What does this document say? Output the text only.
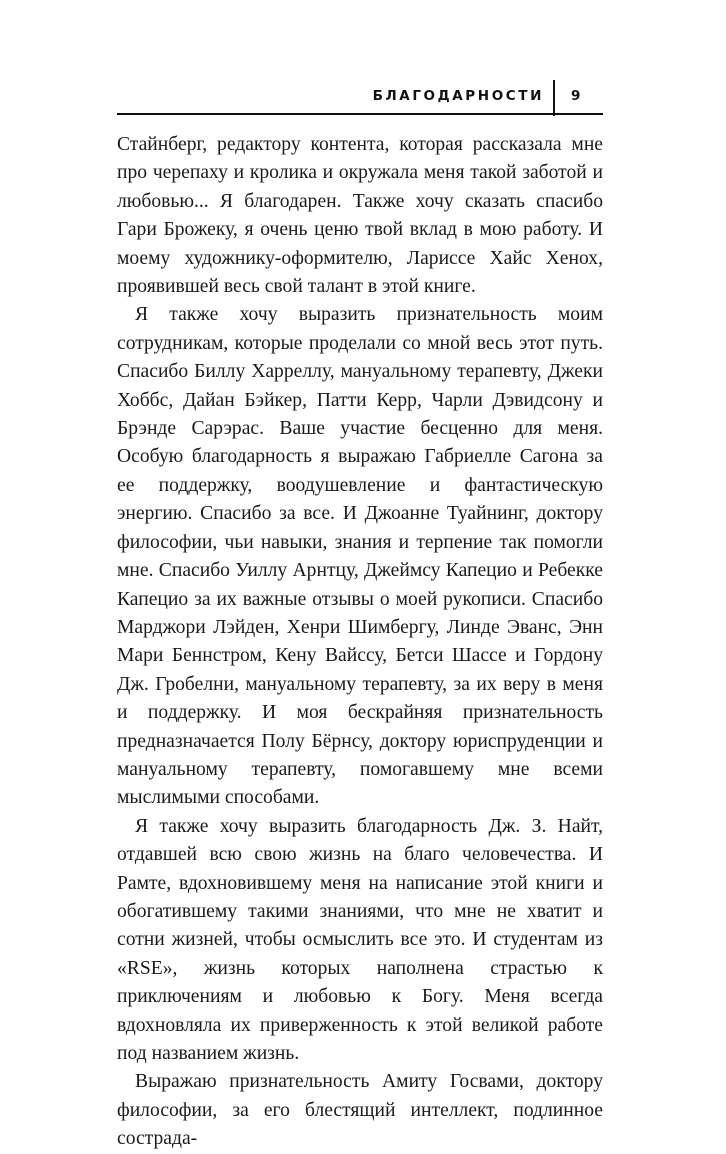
БЛАГОДАРНОСТИ 9

Стайнберг, редактору контента, которая рассказала мне про черепаху и кролика и окружала меня такой заботой и любовью... Я благодарен. Также хочу сказать спасибо Гари Брожеку, я очень ценю твой вклад в мою работу. И моему художнику-оформителю, Лариссе Хайс Хенох, проявившей весь свой талант в этой книге.

Я также хочу выразить признательность моим сотрудникам, которые проделали со мной весь этот путь. Спасибо Биллу Харреллу, мануальному терапевту, Джеки Хоббс, Дайан Бэйкер, Патти Керр, Чарли Дэвидсону и Брэнде Сарэрас. Ваше участие бесценно для меня. Особую благодарность я выражаю Габриелле Сагона за ее поддержку, воодушевление и фантастическую энергию. Спасибо за все. И Джоанне Туайнинг, доктору философии, чьи навыки, знания и терпение так помогли мне. Спасибо Уиллу Арнтцу, Джеймсу Капецио и Ребекке Капецио за их важные отзывы о моей рукописи. Спасибо Марджори Лэйден, Хенри Шимбергу, Линде Эванс, Энн Мари Беннстром, Кену Вайссу, Бетси Шассе и Гордону Дж. Гробелни, мануальному терапевту, за их веру в меня и поддержку. И моя бескрайняя признательность предназначается Полу Бёрнсу, доктору юриспруденции и мануальному терапевту, помогавшему мне всеми мыслимыми способами.

Я также хочу выразить благодарность Дж. З. Найт, отдавшей всю свою жизнь на благо человечества. И Рамте, вдохновившему меня на написание этой книги и обогатившему такими знаниями, что мне не хватит и сотни жизней, чтобы осмыслить все это. И студентам из «RSE», жизнь которых наполнена страстью к приключениям и любовью к Богу. Меня всегда вдохновляла их приверженность к этой великой работе под названием жизнь.

Выражаю признательность Амиту Госвами, доктору философии, за его блестящий интеллект, подлинное сострада-
